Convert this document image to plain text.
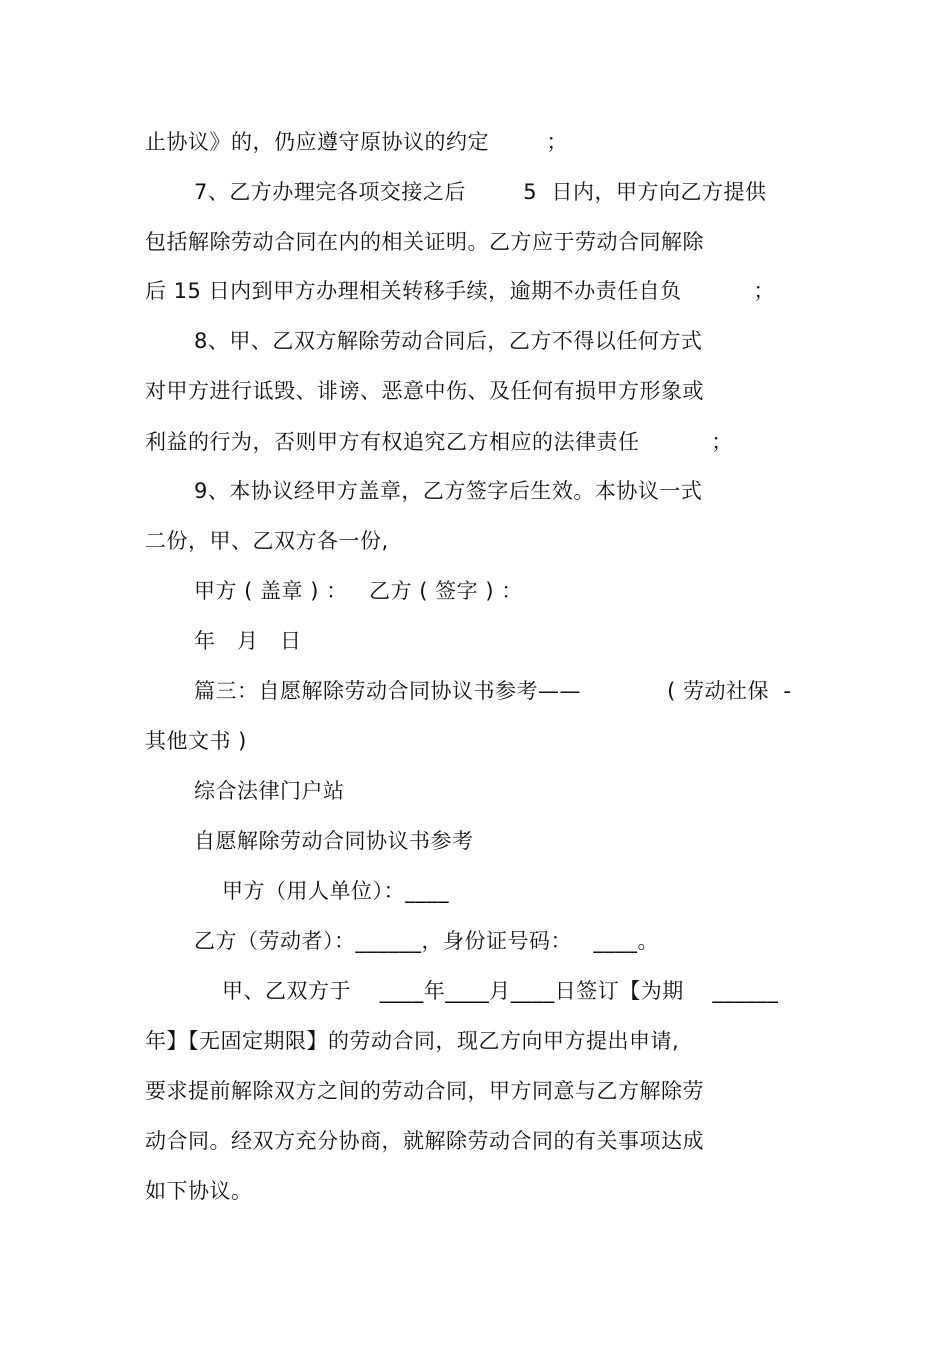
止协议》的，仍应遵守原协议的约定        ；
7、乙方办理完各项交接之后        5  日内，甲方向乙方提供
包括解除劳动合同在内的相关证明。乙方应于劳动合同解除
后 15 日内到甲方办理相关转移手续，逾期不办责任自负          ；
8、甲、乙双方解除劳动合同后，乙方不得以任何方式
对甲方进行诋毁、诽谤、恶意中伤、及任何有损甲方形象或
利益的行为，否则甲方有权追究乙方相应的法律责任          ；
9、本协议经甲方盖章，乙方签字后生效。本协议一式
二份，甲、乙双方各一份,
甲方 ( 盖章 ) ：   乙方 ( 签字 ) ：
年   月   日
篇三：自愿解除劳动合同协议书参考——            ( 劳动社保  -
其他文书 )
综合法律门户站
自愿解除劳动合同协议书参考
甲方（用人单位）：____
乙方（劳动者）：______，身份证号码：   ____。
甲、乙双方于    ____年____月____日签订【为期    ______
年】【无固定期限】的劳动合同，现乙方向甲方提出申请,
要求提前解除双方之间的劳动合同，甲方同意与乙方解除劳
动合同。经双方充分协商，就解除劳动合同的有关事项达成
如下协议。
